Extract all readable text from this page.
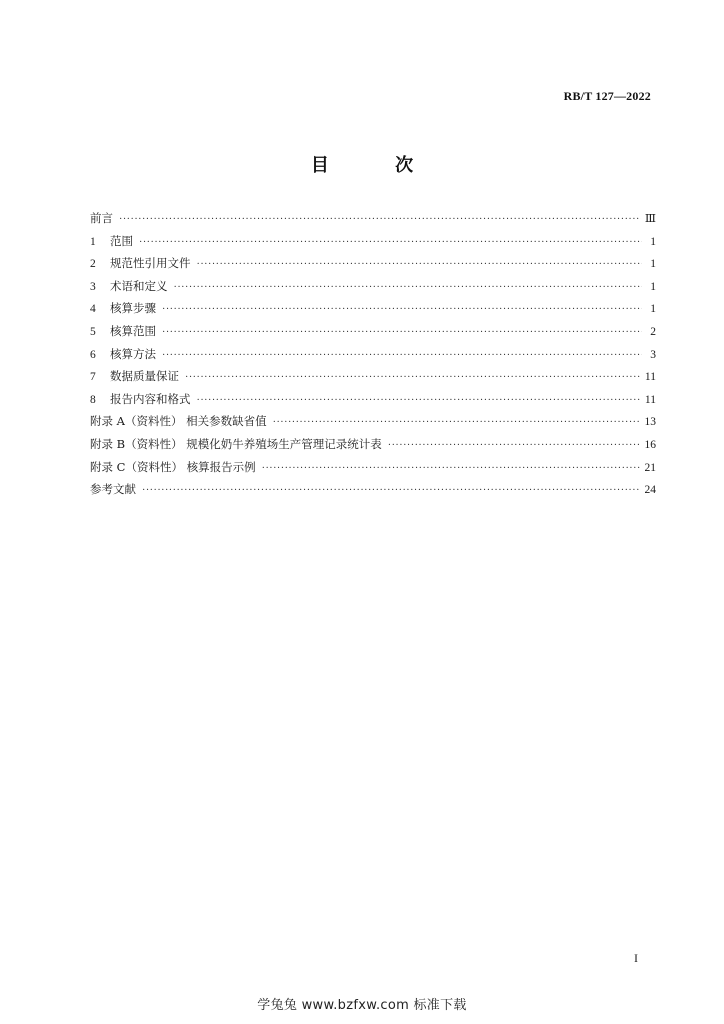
RB/T 127—2022
目 次
前言 ·····	Ⅲ
1	范围 ·····	1
2	规范性引用文件 ·····	1
3	术语和定义 ·····	1
4	核算步骤 ·····	1
5	核算范围 ·····	2
6	核算方法 ·····	3
7	数据质量保证 ·····	11
8	报告内容和格式 ·····	11
附录 A（资料性） 相关参数缺省值 ·····	13
附录 B（资料性） 规模化奶牛养殖场生产管理记录统计表 ·····	16
附录 C（资料性） 核算报告示例 ·····	21
参考文献 ·····	24
I
学兔兔 www.bzfxw.com 标准下载
